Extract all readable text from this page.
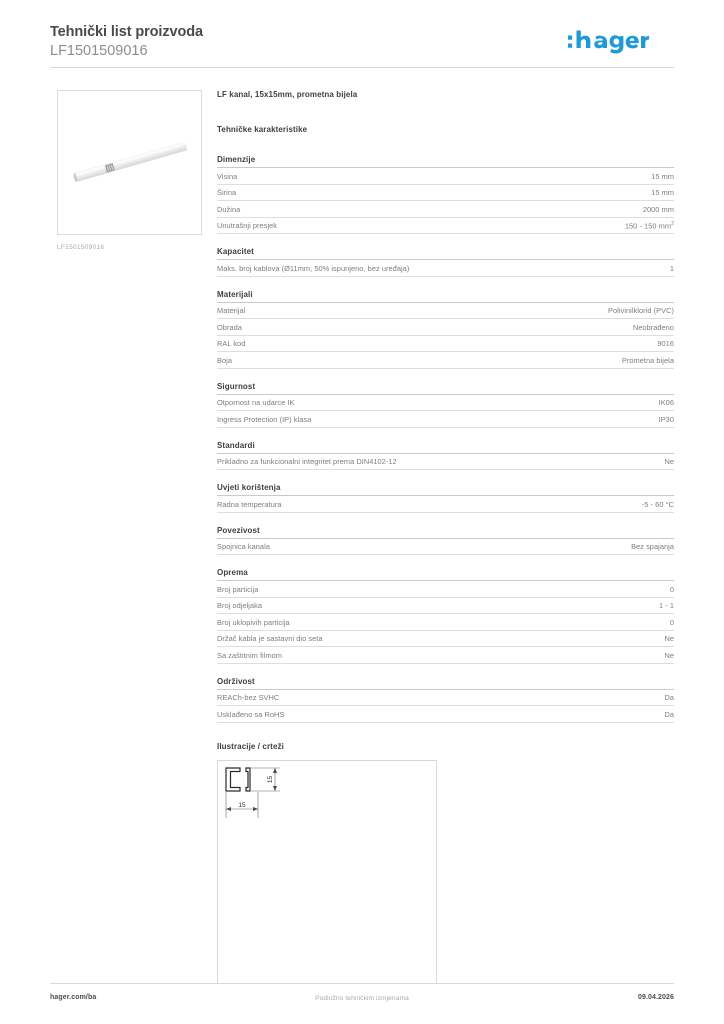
Tehnički list proizvoda
LF1501509016
LF1501509016
LF kanal, 15x15mm, prometna bijela
Tehničke karakteristike
Dimenzije
Visina	15 mm
Širina	15 mm
Dužina	2000 mm
Unutrašnji presjek	150 - 150 $mm^2$
Kapacitet
Maks. broj kablova (Ø11mm, 50% ispunjeno, bez uređaja)	1
Materijali
Materijal	Polivinilklorid (PVC)
Obrada	Neobrađeno
RAL kod	9016
Boja	Prometna bijela
Sigurnost
Otpornost na udarce IK	IK06
Ingress Protection (IP) klasa	IP30
Standardi
Prikladno za funkcionalni integritet prema DIN4102-12	Ne
Uvjeti korištenja
Radna temperatura	-5 - 60 °C
Povezivost
Spojnica kanala	Bez spajanja
Oprema
Broj particija	0
Broj odjeljaka	1 - 1
Broj uklopivih particija	0
Držač kabla je sastavni dio seta	Ne
Sa zaštitnim filmom	Ne
Održivost
REACh-bez SVHC	Da
Usklađeno sa RoHS	Da
Ilustracije / crteži
15
15
hager.com/ba	Podložno tehničkim izmjenama	09.04.2026
